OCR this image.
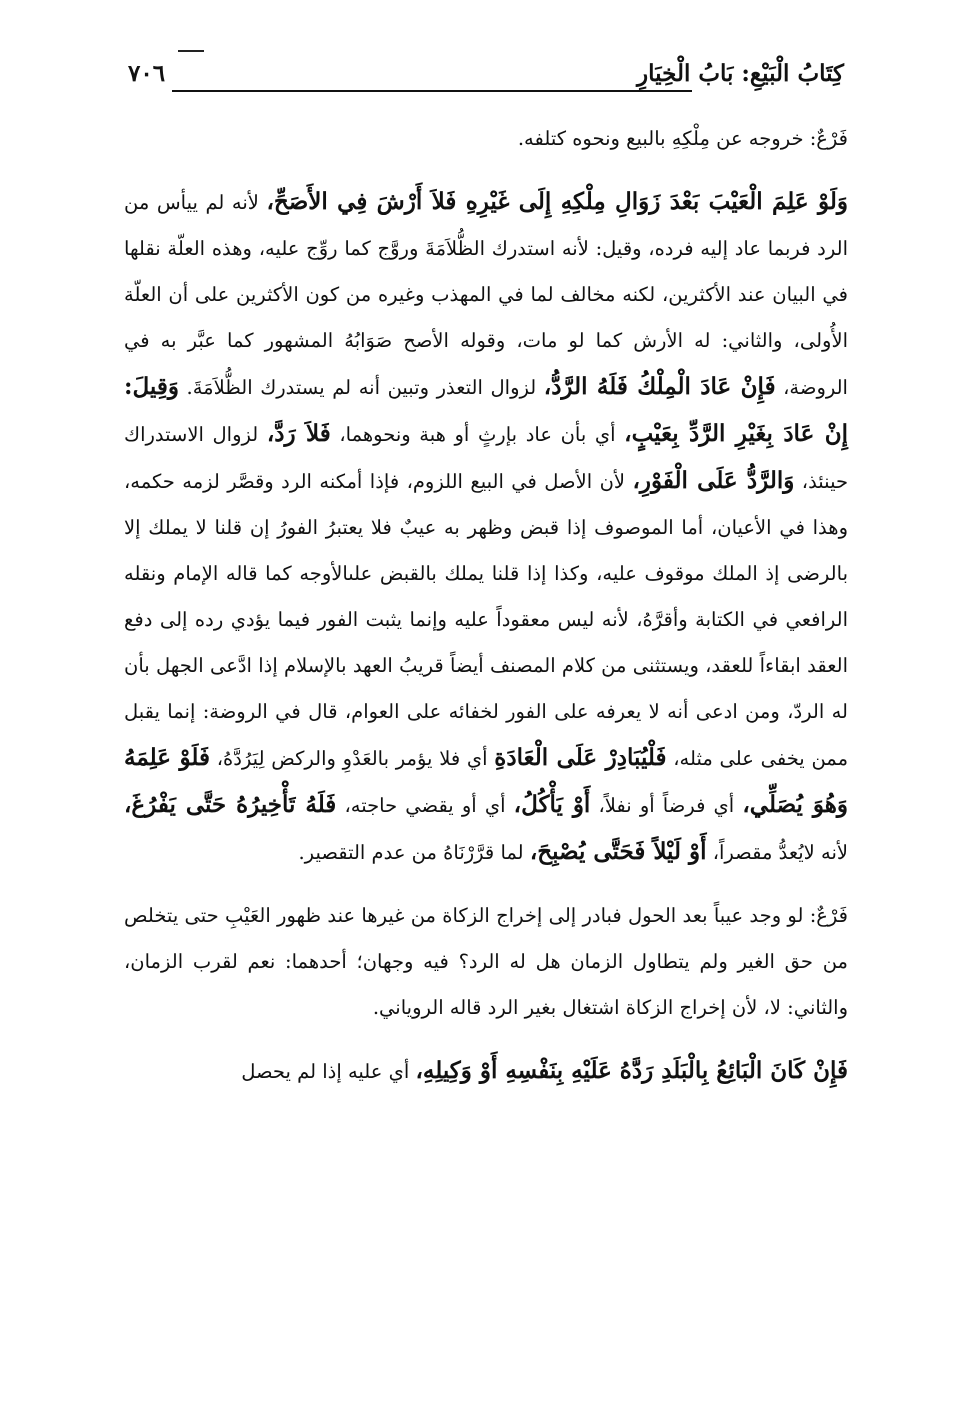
كِتَابُ الْبَيْعِ: بَابُ الْخِيَارِ
٧٠٦

فَرْعٌ: خروجه عن مِلْكِهِ بالبيع ونحوه كتلفه.

وَلَوْ عَلِمَ الْعَيْبَ بَعْدَ زَوَالِ مِلْكِهِ إِلَى غَيْرِهِ فَلاَ أَرْشَ فِي الأَصَحِّ، لأنه لم ييأس من الرد فربما عاد إليه فرده، وقيل: لأنه استدرك الظُّلاَمَةَ وروَّج كما روِّج عليه، وهذه العلّة نقلها في البيان عند الأكثرين، لكنه مخالف لما في المهذب وغيره من كون الأكثرين على أن العلّة الأُولى، والثاني: له الأرش كما لو مات، وقوله الأصح صَوَابُهُ المشهور كما عبَّر به في الروضة، فَإِنْ عَادَ الْمِلْكُ فَلَهُ الرَّدُّ، لزوال التعذر وتبين أنه لم يستدرك الظُّلاَمَةَ. وَقِيلَ: إِنْ عَادَ بِغَيْرِ الرَّدِّ بِعَيْبٍ، أي بأن عاد بإرثٍ أو هبة ونحوهما، فَلاَ رَدَّ، لزوال الاستدراك حينئذ، وَالرَّدُّ عَلَى الْفَوْرِ، لأن الأصل في البيع اللزوم، فإذا أمكنه الرد وقصَّر لزمه حكمه، وهذا في الأعيان، أما الموصوف إذا قبض وظهر به عيبٌ فلا يعتبرُ الفورُ إن قلنا لا يملك إلا بالرضى إذ الملك موقوف عليه، وكذا إذا قلنا يملك بالقبض علىالأوجه كما قاله الإمام ونقله الرافعي في الكتابة وأقرَّهُ، لأنه ليس معقوداً عليه وإنما يثبت الفور فيما يؤدي رده إلى دفع العقد ابقاءاً للعقد، ويستثنى من كلام المصنف أيضاً قريبُ العهد بالإسلام إذا ادَّعى الجهل بأن له الردّ، ومن ادعى أنه لا يعرفه على الفور لخفائه على العوام، قال في الروضة: إنما يقبل ممن يخفى على مثله، فَلْيُبَادِرْ عَلَى الْعَادَةِ أي فلا يؤمر بالعَدْوِ والركض لِيَرُدَّهُ، فَلَوْ عَلِمَهُ وَهُوَ يُصَلِّي، أي فرضاً أو نفلاً، أَوْ يَأْكُلُ، أي أو يقضي حاجته، فَلَهُ تَأْخِيرُهُ حَتَّى يَفْرُغَ، لأنه لايُعدُّ مقصراً، أَوْ لَيْلاً فَحَتَّى يُصْبِحَ، لما قرَّرْنَاهُ من عدم التقصير.

فَرْعٌ: لو وجد عيباً بعد الحول فبادر إلى إخراج الزكاة من غيرها عند ظهور العَيْبِ حتى يتخلص من حق الغير ولم يتطاول الزمان هل له الرد؟ فيه وجهان؛ أحدهما: نعم لقرب الزمان، والثاني: لا، لأن إخراج الزكاة اشتغال بغير الرد قاله الروياني.

فَإِنْ كَانَ الْبَائِعُ بِالْبَلَدِ رَدَّهُ عَلَيْهِ بِنَفْسِهِ أَوْ وَكِيلِهِ، أي عليه إذا لم يحصل
